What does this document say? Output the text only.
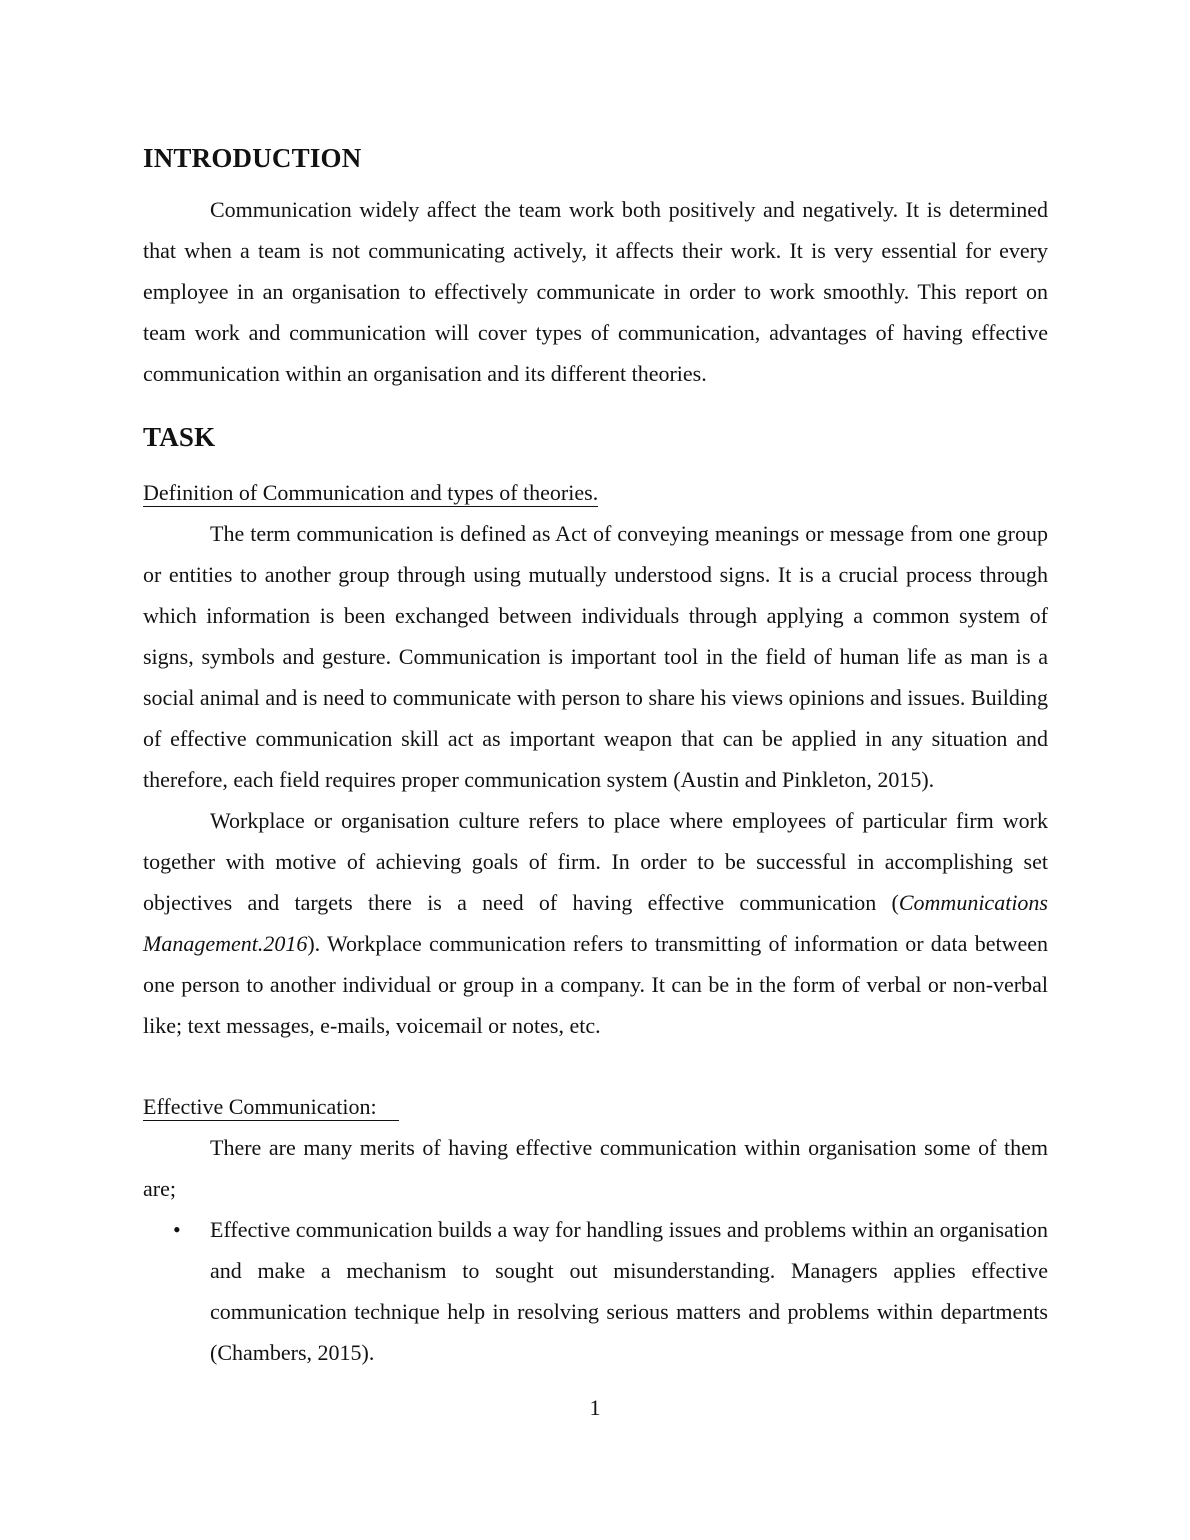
INTRODUCTION

Communication widely affect the team work both positively and negatively. It is determined that when a team is not communicating actively, it affects their work. It is very essential for every employee in an organisation to effectively communicate in order to work smoothly. This report on team work and communication will cover types of communication, advantages of having effective communication within an organisation and its different theories.

TASK

Definition of Communication and types of theories.

The term communication is defined as Act of conveying meanings or message from one group or entities to another group through using mutually understood signs. It is a crucial process through which information is been exchanged between individuals through applying a common system of signs, symbols and gesture. Communication is important tool in the field of human life as man is a social animal and is need to communicate with person to share his views opinions and issues. Building of effective communication skill act as important weapon that can be applied in any situation and therefore, each field requires proper communication system (Austin and Pinkleton, 2015).

Workplace or organisation culture refers to place where employees of particular firm work together with motive of achieving goals of firm. In order to be successful in accomplishing set objectives and targets there is a need of having effective communication (Communications Management.2016). Workplace communication refers to transmitting of information or data between one person to another individual or group in a company. It can be in the form of verbal or non-verbal like; text messages, e-mails, voicemail or notes, etc.

Effective Communication:

There are many merits of having effective communication within organisation some of them are;

• Effective communication builds a way for handling issues and problems within an organisation and make a mechanism to sought out misunderstanding. Managers applies effective communication technique help in resolving serious matters and problems within departments (Chambers, 2015).
1
